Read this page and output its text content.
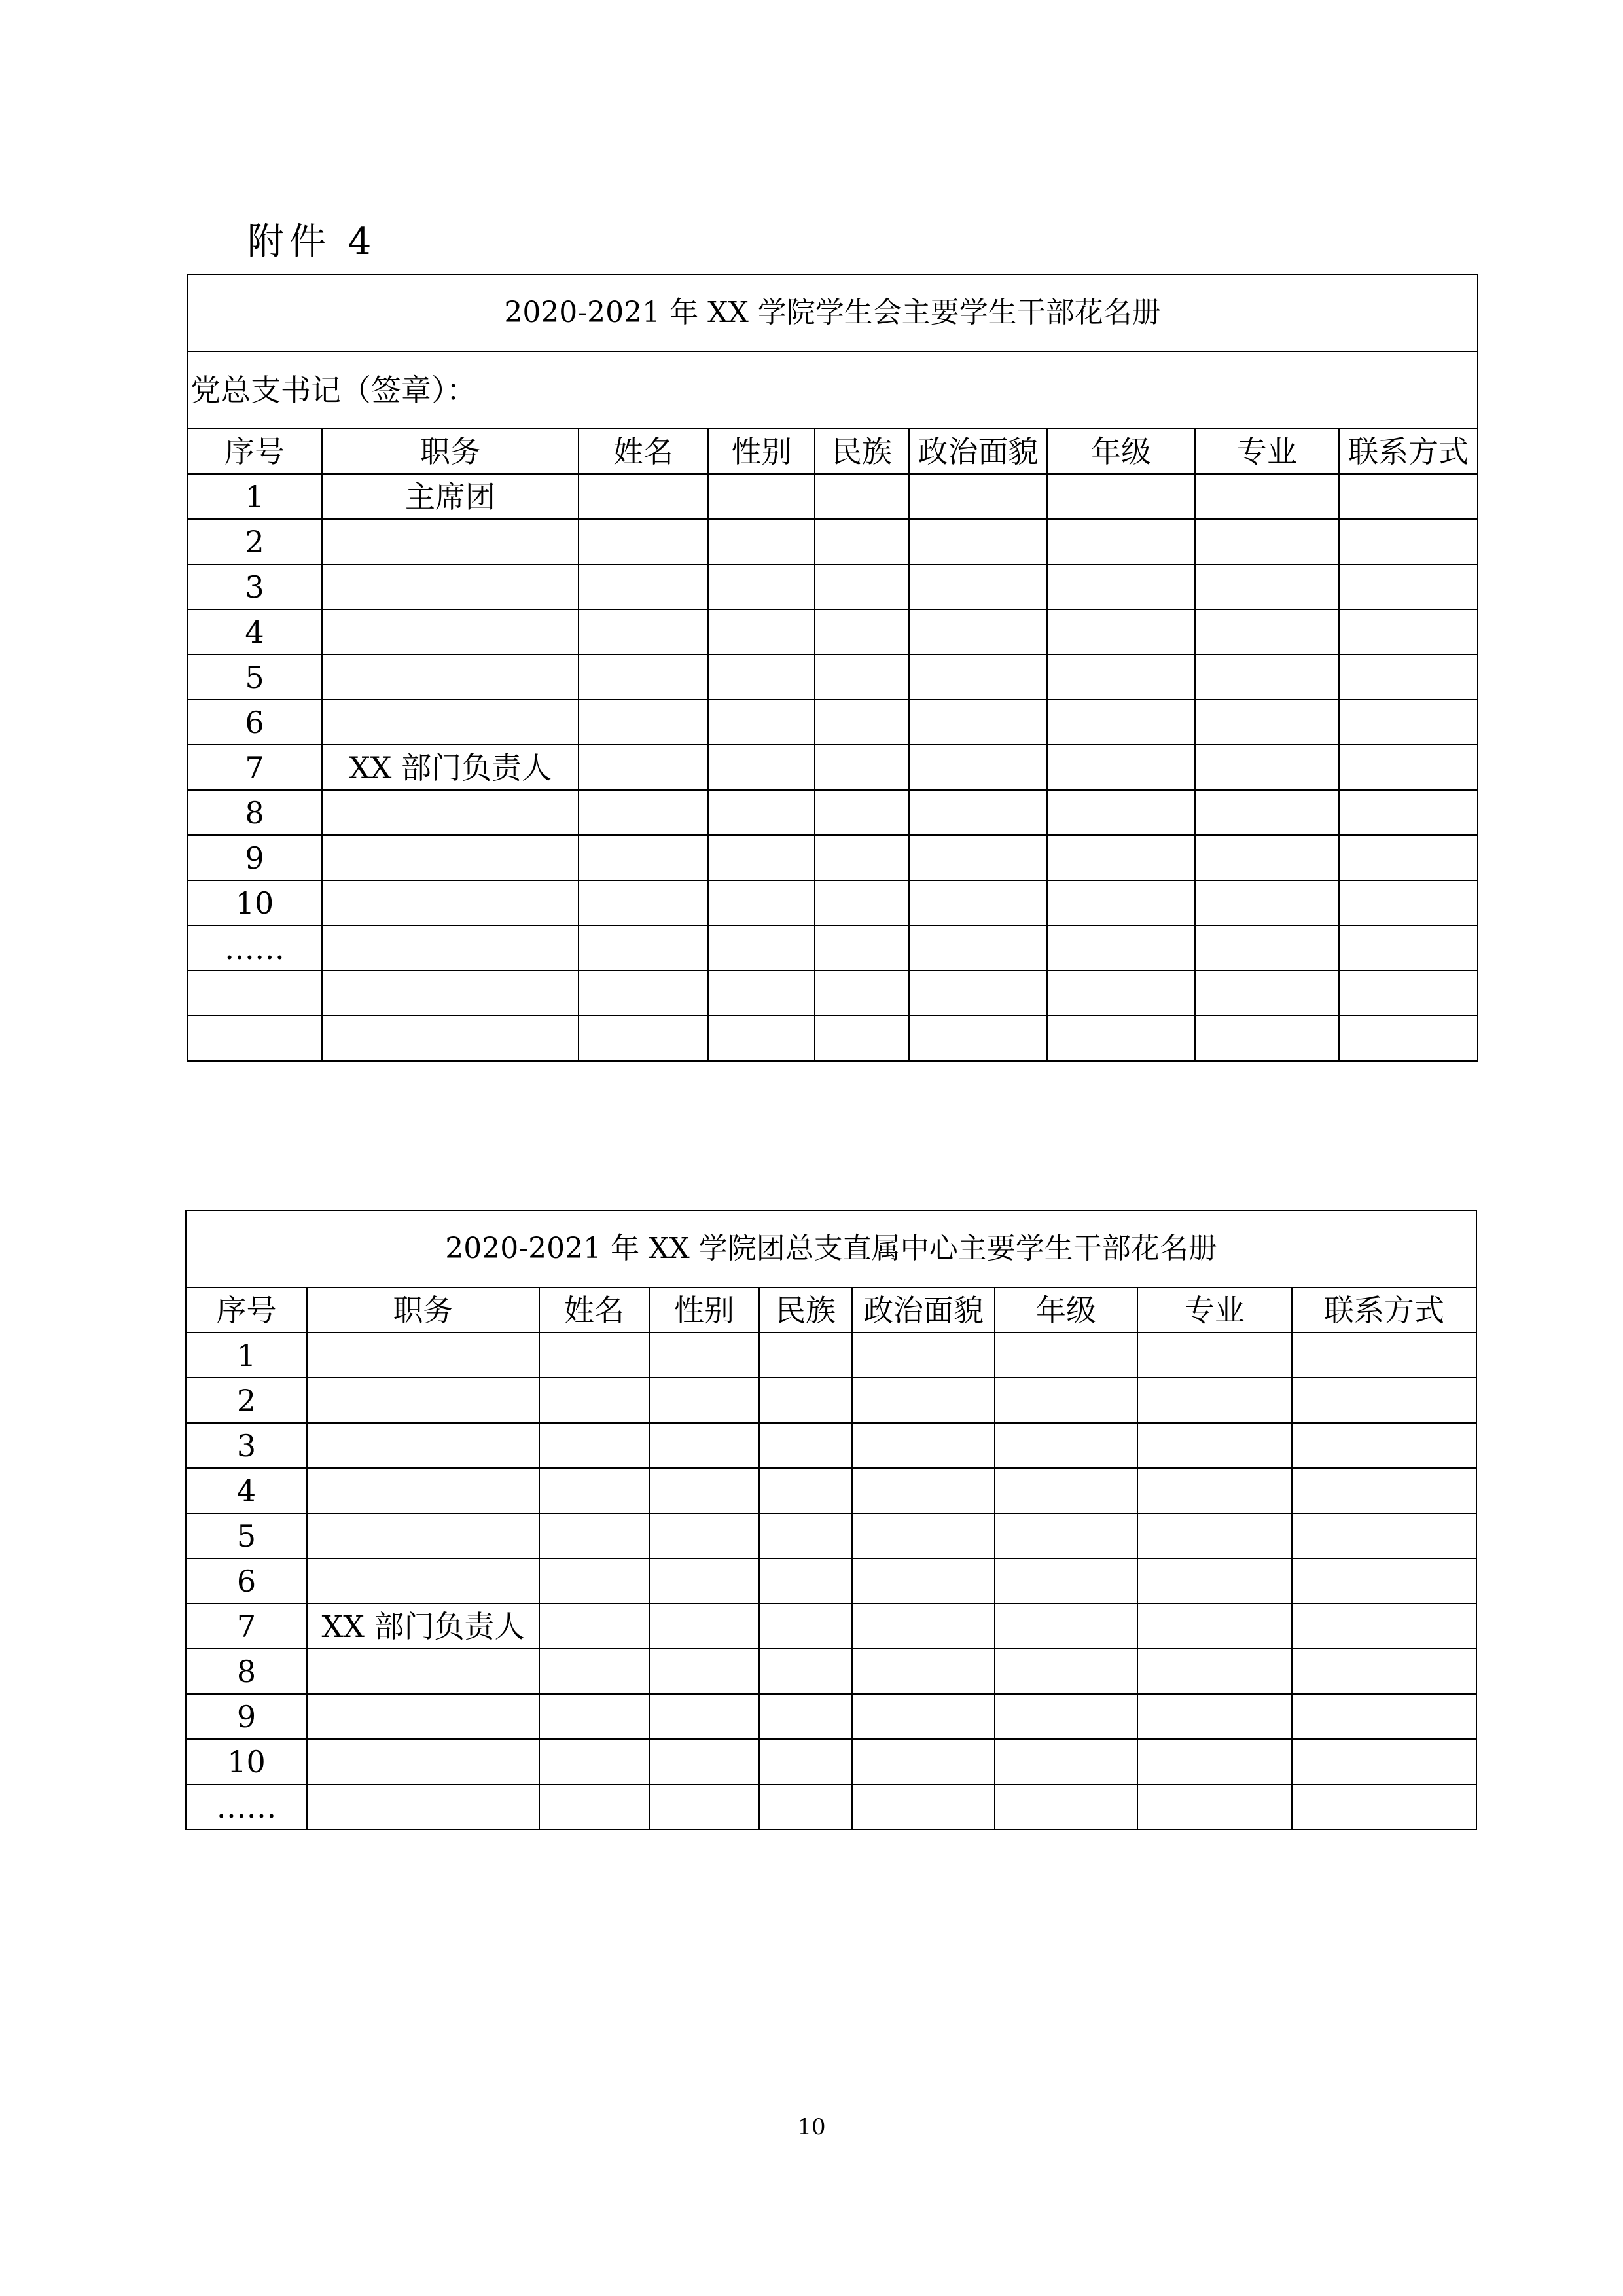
附件 4
2020-2021 年 XX 学院学生会主要学生干部花名册								
党总支书记（签章）：								
序号	职务	姓名	性别	民族	政治面貌	年级	专业	联系方式
1	主席团							
2								
3								
4								
5								
6								
7	XX 部门负责人							
8								
9								
10								
……								

2020-2021 年 XX 学院团总支直属中心主要学生干部花名册								
序号	职务	姓名	性别	民族	政治面貌	年级	专业	联系方式
1								
2								
3								
4								
5								
6								
7	XX 部门负责人							
8								
9								
10								
……								
10
